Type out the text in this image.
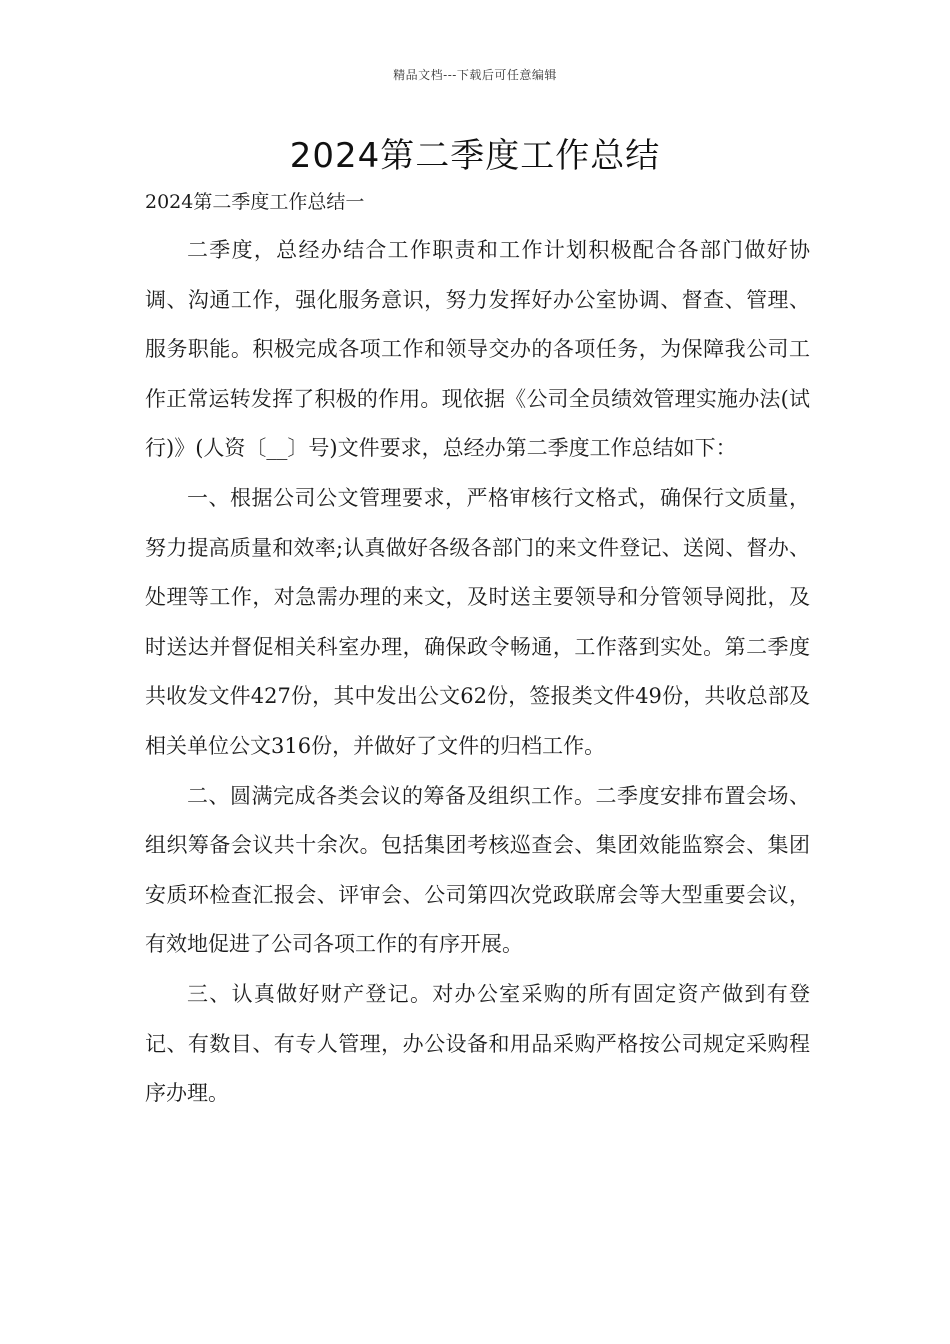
精品文档---下载后可任意编辑
2024第二季度工作总结
2024第二季度工作总结一

二季度，总经办结合工作职责和工作计划积极配合各部门做好协调、沟通工作，强化服务意识，努力发挥好办公室协调、督查、管理、服务职能。积极完成各项工作和领导交办的各项任务，为保障我公司工作正常运转发挥了积极的作用。现依据《公司全员绩效管理实施办法(试行)》(人资〔__〕号)文件要求，总经办第二季度工作总结如下：

一、根据公司公文管理要求，严格审核行文格式，确保行文质量，努力提高质量和效率;认真做好各级各部门的来文件登记、送阅、督办、处理等工作，对急需办理的来文，及时送主要领导和分管领导阅批，及时送达并督促相关科室办理，确保政令畅通，工作落到实处。第二季度共收发文件427份，其中发出公文62份，签报类文件49份，共收总部及相关单位公文316份，并做好了文件的归档工作。

二、圆满完成各类会议的筹备及组织工作。二季度安排布置会场、组织筹备会议共十余次。包括集团考核巡查会、集团效能监察会、集团安质环检查汇报会、评审会、公司第四次党政联席会等大型重要会议，有效地促进了公司各项工作的有序开展。

三、认真做好财产登记。对办公室采购的所有固定资产做到有登记、有数目、有专人管理，办公设备和用品采购严格按公司规定采购程序办理。
